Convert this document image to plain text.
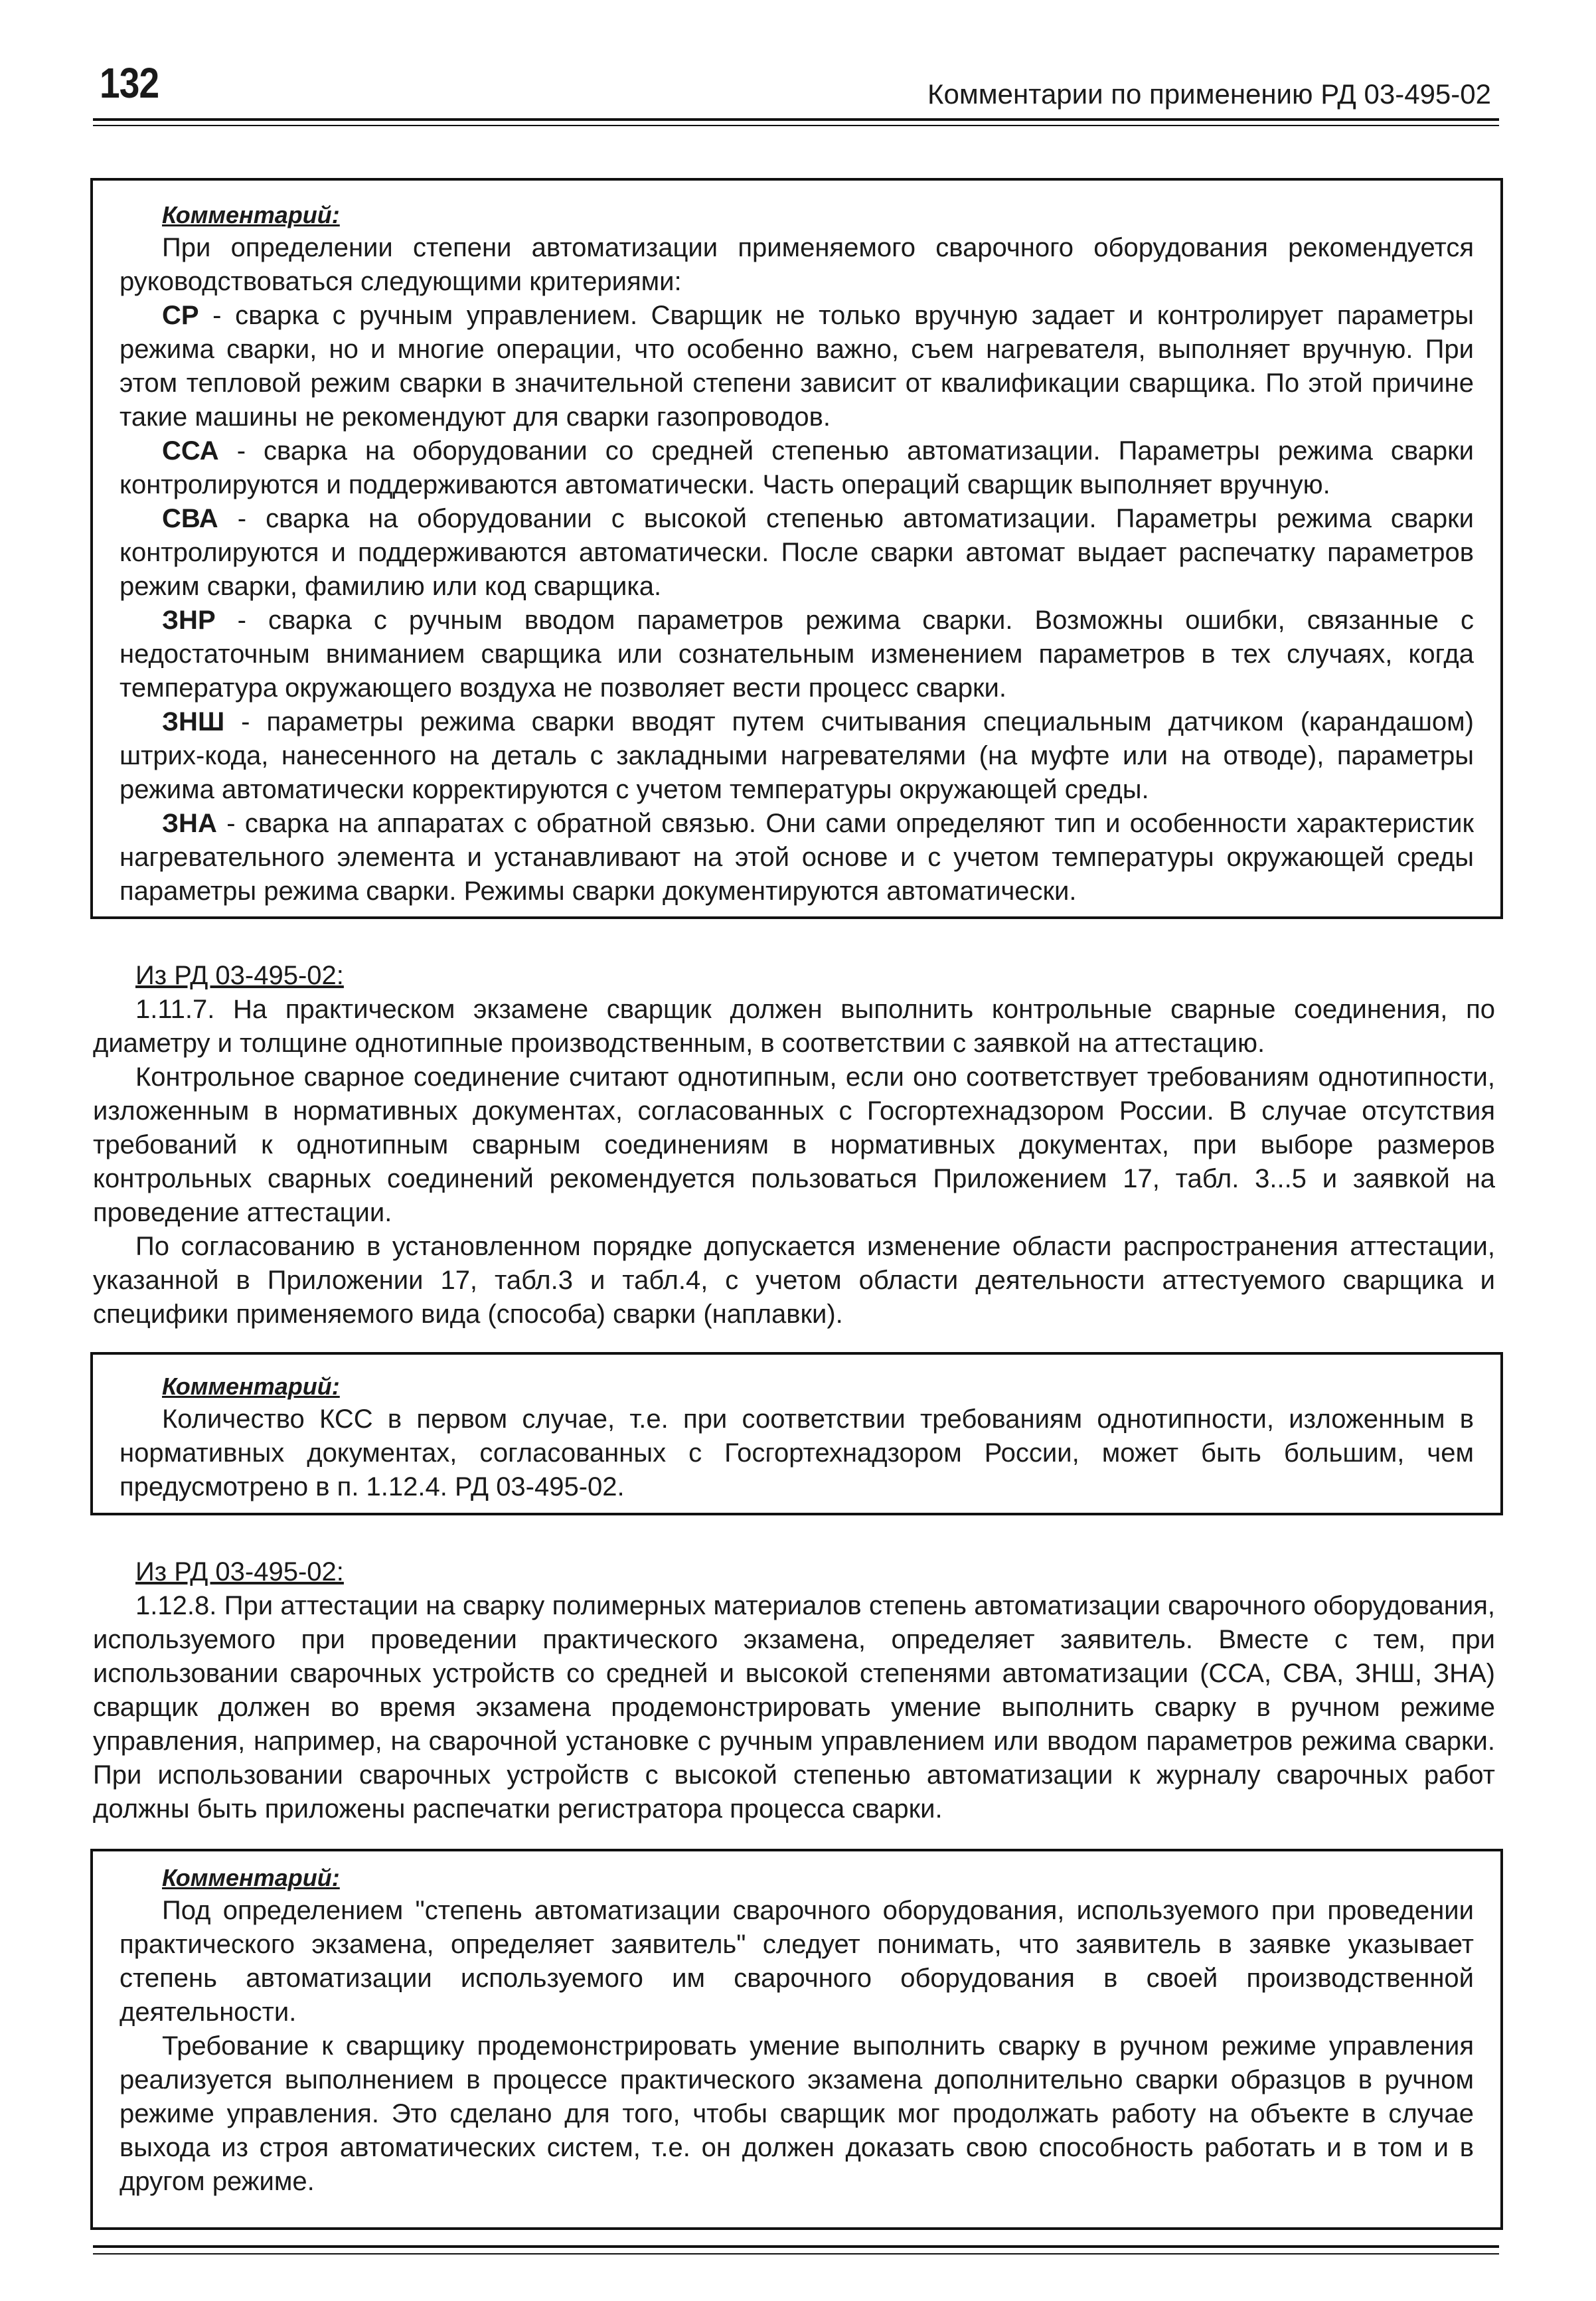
132	Комментарии по применению РД 03-495-02
Комментарий:

При определении степени автоматизации применяемого сварочного оборудования рекомендуется руководствоваться следующими критериями:

СР - сварка с ручным управлением. Сварщик не только вручную задает и контролирует параметры режима сварки, но и многие операции, что особенно важно, съем нагревателя, выполняет вручную. При этом тепловой режим сварки в значительной степени зависит от квалификации сварщика. По этой причине такие машины не рекомендуют для сварки газопроводов.

ССА - сварка на оборудовании со средней степенью автоматизации. Параметры режима сварки контролируются и поддерживаются автоматически. Часть операций сварщик выполняет вручную.

СВА - сварка на оборудовании с высокой степенью автоматизации. Параметры режима сварки контролируются и поддерживаются автоматически. После сварки автомат выдает распечатку параметров режим сварки, фамилию или код сварщика.

ЗНР - сварка с ручным вводом параметров режима сварки. Возможны ошибки, связанные с недостаточным вниманием сварщика или сознательным изменением параметров в тех случаях, когда температура окружающего воздуха не позволяет вести процесс сварки.

ЗНШ - параметры режима сварки вводят путем считывания специальным датчиком (карандашом) штрих-кода, нанесенного на деталь с закладными нагревателями (на муфте или на отводе), параметры режима автоматически корректируются с учетом температуры окружающей среды.

ЗНА - сварка на аппаратах с обратной связью. Они сами определяют тип и особенности характеристик нагревательного элемента и устанавливают на этой основе и с учетом температуры окружающей среды параметры режима сварки. Режимы сварки документируются автоматически.

Из РД 03-495-02:

1.11.7. На практическом экзамене сварщик должен выполнить контрольные сварные соединения, по диаметру и толщине однотипные производственным, в соответствии с заявкой на аттестацию.

Контрольное сварное соединение считают однотипным, если оно соответствует требованиям однотипности, изложенным в нормативных документах, согласованных с Госгортехнадзором России. В случае отсутствия требований к однотипным сварным соединениям в нормативных документах, при выборе размеров контрольных сварных соединений рекомендуется пользоваться Приложением 17, табл. 3...5 и заявкой на проведение аттестации.

По согласованию в установленном порядке допускается изменение области распространения аттестации, указанной в Приложении 17, табл.3 и табл.4, с учетом области деятельности аттестуемого сварщика и специфики применяемого вида (способа) сварки (наплавки).

Комментарий:

Количество КСС в первом случае, т.е. при соответствии требованиям однотипности, изложенным в нормативных документах, согласованных с Госгортехнадзором России, может быть большим, чем предусмотрено в п. 1.12.4. РД 03-495-02.

Из РД 03-495-02:

1.12.8. При аттестации на сварку полимерных материалов степень автоматизации сварочного оборудования, используемого при проведении практического экзамена, определяет заявитель. Вместе с тем, при использовании сварочных устройств со средней и высокой степенями автоматизации (ССА, СВА, ЗНШ, ЗНА) сварщик должен во время экзамена продемонстрировать умение выполнить сварку в ручном режиме управления, например, на сварочной установке с ручным управлением или вводом параметров режима сварки. При использовании сварочных устройств с высокой степенью автоматизации к журналу сварочных работ должны быть приложены распечатки регистратора процесса сварки.

Комментарий:

Под определением "степень автоматизации сварочного оборудования, используемого при проведении практического экзамена, определяет заявитель" следует понимать, что заявитель в заявке указывает степень автоматизации используемого им сварочного оборудования в своей производственной деятельности.

Требование к сварщику продемонстрировать умение выполнить сварку в ручном режиме управления реализуется выполнением в процессе практического экзамена дополнительно сварки образцов в ручном режиме управления. Это сделано для того, чтобы сварщик мог продолжать работу на объекте в случае выхода из строя автоматических систем, т.е. он должен доказать свою способность работать и в том и в другом режиме.
